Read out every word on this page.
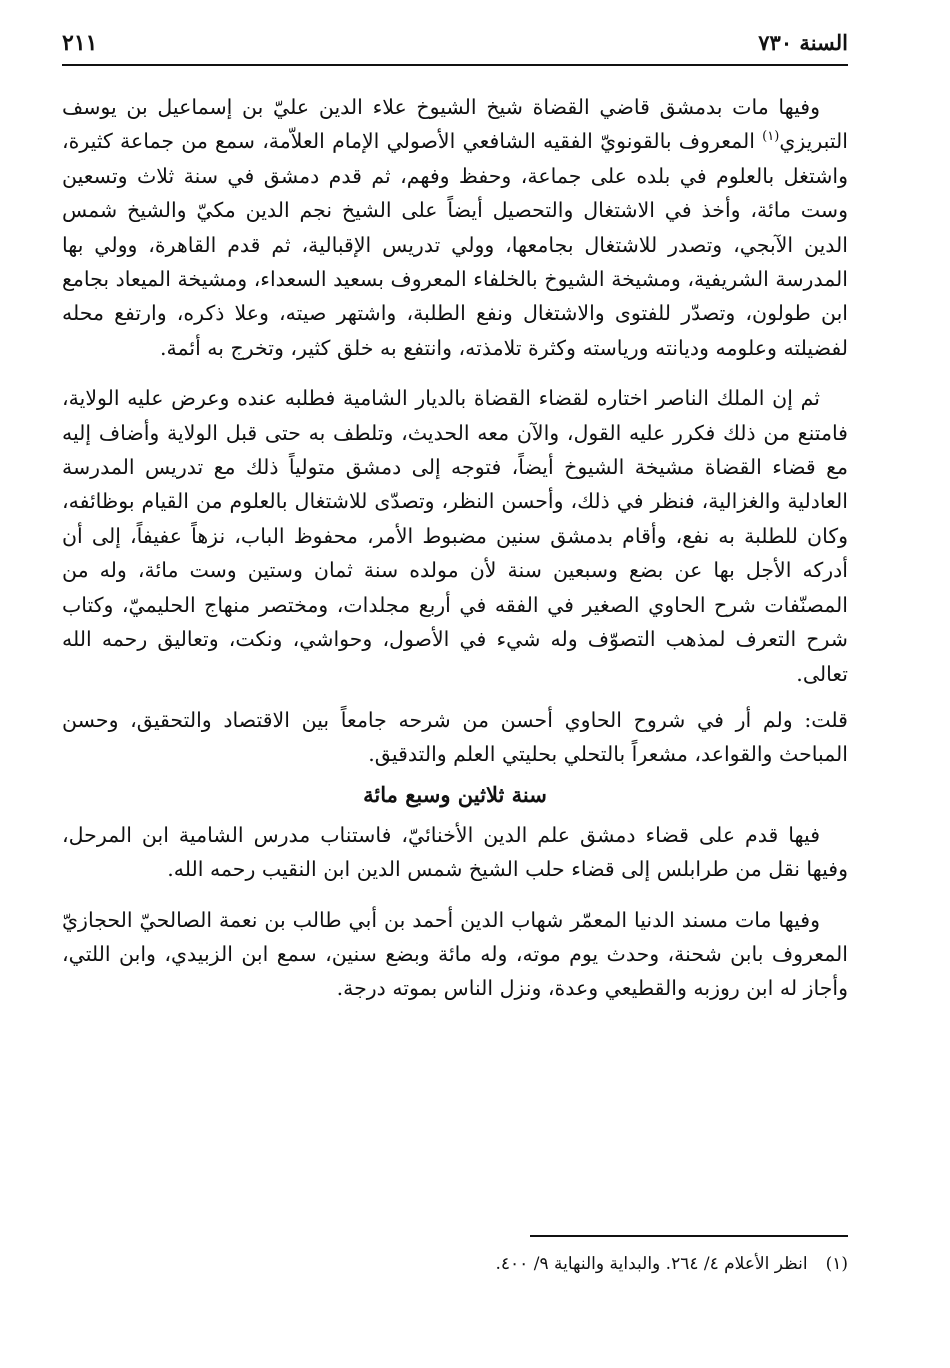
السنة ٧٣٠
٢١١

وفيها مات بدمشق قاضي القضاة شيخ الشيوخ علاء الدين عليّ بن إسماعيل بن يوسف التبريزي$^{(١)}$ المعروف بالقونويّ الفقيه الشافعي الأصولي الإمام العلاّمة، سمع من جماعة كثيرة، واشتغل بالعلوم في بلده على جماعة، وحفظ وفهم، ثم قدم دمشق في سنة ثلاث وتسعين وست مائة، وأخذ في الاشتغال والتحصيل أيضاً على الشيخ نجم الدين مكيّ والشيخ شمس الدين الآبجي، وتصدر للاشتغال بجامعها، وولي تدريس الإقبالية، ثم قدم القاهرة، وولي بها المدرسة الشريفية، ومشيخة الشيوخ بالخلفاء المعروف بسعيد السعداء، ومشيخة الميعاد بجامع ابن طولون، وتصدّر للفتوى والاشتغال ونفع الطلبة، واشتهر صيته، وعلا ذكره، وارتفع محله لفضيلته وعلومه وديانته ورياسته وكثرة تلامذته، وانتفع به خلق كثير، وتخرج به أئمة.

ثم إن الملك الناصر اختاره لقضاء القضاة بالديار الشامية فطلبه عنده وعرض عليه الولاية، فامتنع من ذلك فكرر عليه القول، والآن معه الحديث، وتلطف به حتى قبل الولاية وأضاف إليه مع قضاء القضاة مشيخة الشيوخ أيضاً، فتوجه إلى دمشق متولياً ذلك مع تدريس المدرسة العادلية والغزالية، فنظر في ذلك، وأحسن النظر، وتصدّى للاشتغال بالعلوم من القيام بوظائفه، وكان للطلبة به نفع، وأقام بدمشق سنين مضبوط الأمر، محفوظ الباب، نزهاً عفيفاً، إلى أن أدركه الأجل بها عن بضع وسبعين سنة لأن مولده سنة ثمان وستين وست مائة، وله من المصنّفات شرح الحاوي الصغير في الفقه في أربع مجلدات، ومختصر منهاج الحليميّ، وكتاب شرح التعرف لمذهب التصوّف وله شيء في الأصول، وحواشي، ونكت، وتعاليق رحمه الله تعالى.

قلت: ولم أر في شروح الحاوي أحسن من شرحه جامعاً بين الاقتصاد والتحقيق، وحسن المباحث والقواعد، مشعراً بالتحلي بحليتي العلم والتدقيق.

سنة ثلاثين وسبع مائة

فيها قدم على قضاء دمشق علم الدين الأخنائيّ، فاستناب مدرس الشامية ابن المرحل، وفيها نقل من طرابلس إلى قضاء حلب الشيخ شمس الدين ابن النقيب رحمه الله.

وفيها مات مسند الدنيا المعمّر شهاب الدين أحمد بن أبي طالب بن نعمة الصالحيّ الحجازيّ المعروف بابن شحنة، وحدث يوم موته، وله مائة وبضع سنين، سمع ابن الزبيدي، وابن اللتي، وأجاز له ابن روزبه والقطيعي وعدة، ونزل الناس بموته درجة.

(١)انظر الأعلام ٤/ ٢٦٤. والبداية والنهاية ٩/ ٤٠٠.
